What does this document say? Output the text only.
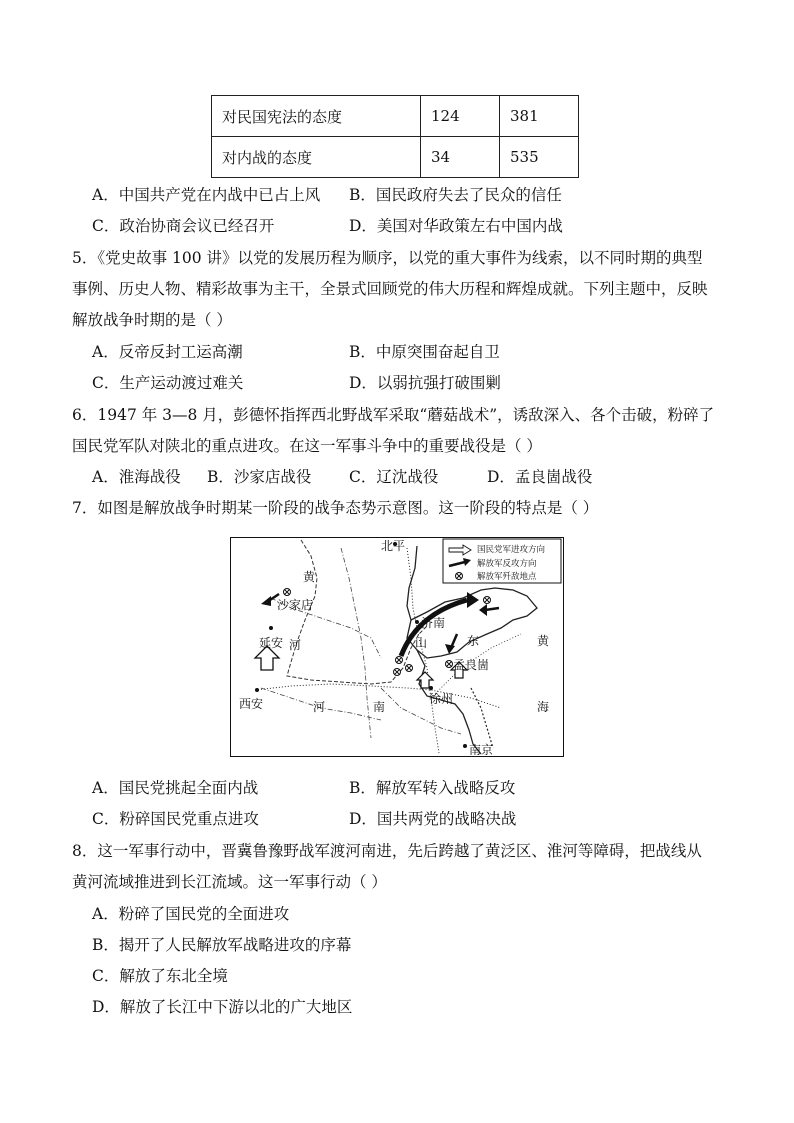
对民国宪法的态度	124	381
对内战的态度	34	535
A．中国共产党在内战中已占上风 B．国民政府失去了民众的信任
C．政治协商会议已经召开	D．美国对华政策左右中国内战
5．《党史故事 100 讲》以党的发展历程为顺序，以党的重大事件为线索，以不同时期的典型
事例、历史人物、精彩故事为主干，全景式回顾党的伟大历程和辉煌成就。下列主题中，反映
解放战争时期的是（ ）
A．反帝反封工运高潮	B．中原突围奋起自卫
C．生产运动渡过难关	D．以弱抗强打破围剿
6．1947 年 3—8 月，彭德怀指挥西北野战军采取“蘑菇战术”，诱敌深入、各个击破，粉碎了
国民党军队对陕北的重点进攻。在这一军事斗争中的重要战役是（ ）
A．淮海战役 B．沙家店战役 C．辽沈战役	D．孟良崮战役
7．如图是解放战争时期某一阶段的战争态势示意图。这一阶段的特点是（ ）
国民党军进攻方向
解放军反攻方向
解放军歼敌地点
北平
黄
沙家店
延安 河
西安
济南
山	东
孟良崮
黄
河	南
徐州
海
南京
A．国民党挑起全面内战	B．解放军转入战略反攻
C．粉碎国民党重点进攻	D．国共两党的战略决战
8．这一军事行动中，晋冀鲁豫野战军渡河南进，先后跨越了黄泛区、淮河等障碍，把战线从
黄河流域推进到长江流域。这一军事行动（ ）
A．粉碎了国民党的全面进攻
B．揭开了人民解放军战略进攻的序幕
C．解放了东北全境
D．解放了长江中下游以北的广大地区
